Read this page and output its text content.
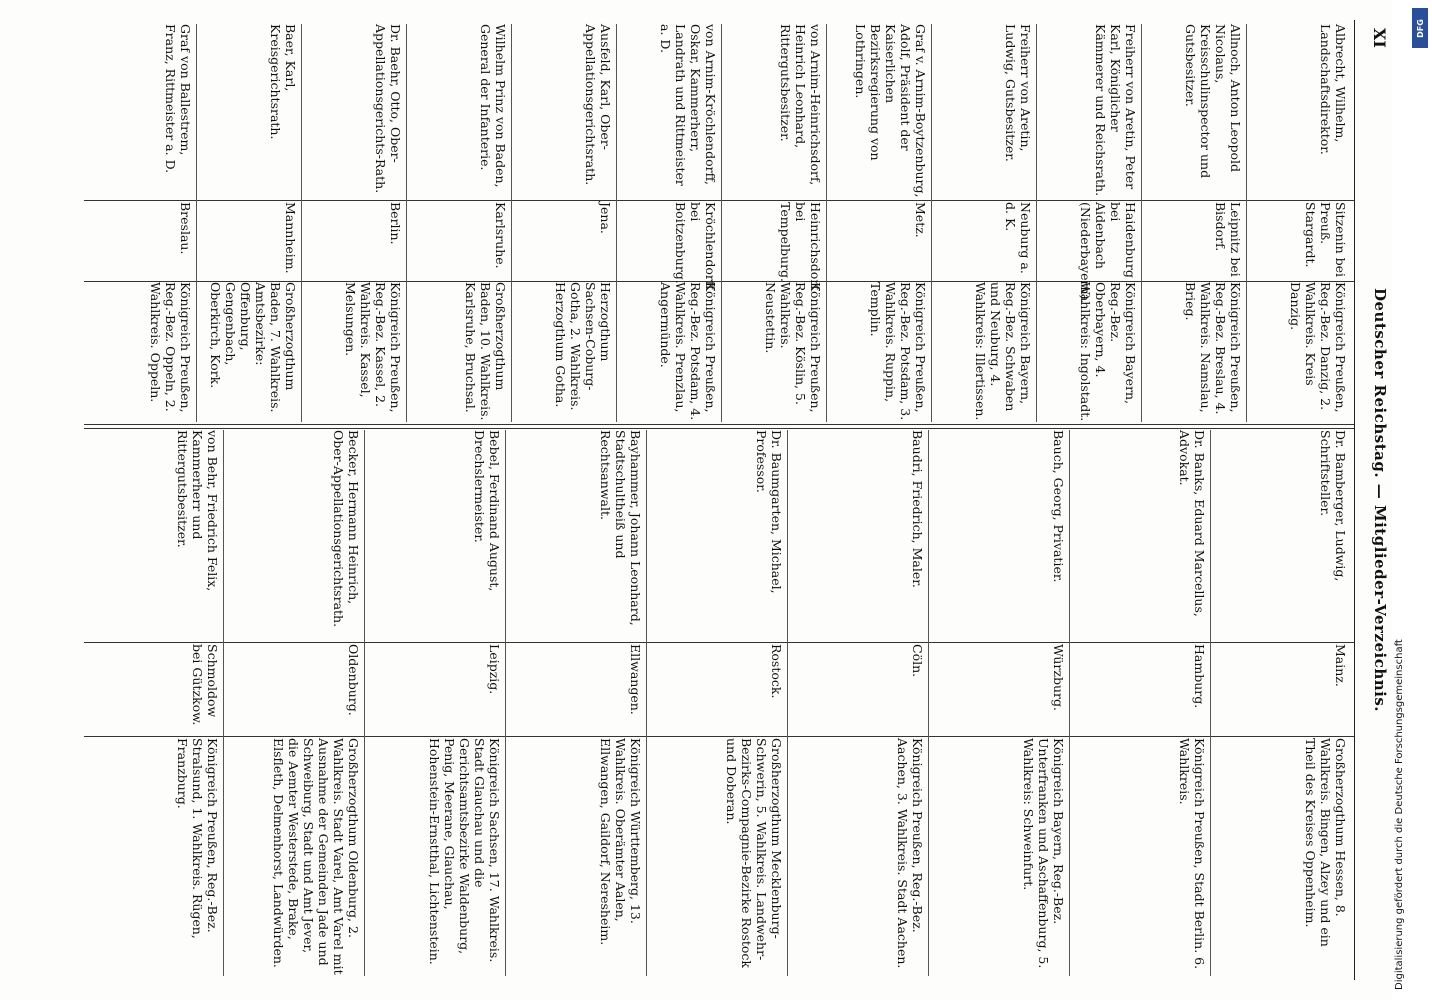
XI
Deutscher Reichstag. — Mitglieder-Verzeichnis.
Albrecht, Wilhelm, Landschaftsdirektor.
Sitzenin bei Preuß. Stargardt.
Königreich Preußen, Reg.-Bez. Danzig, 2. Wahlkreis. Kreis Danzig.
Allnoch, Anton Leopold Nicolaus, Kreisschulinspector und Gutsbesitzer.
Leipnitz bei Bisdorf.
Königreich Preußen, Reg.-Bez. Breslau, 4. Wahlkreis. Namslau, Brieg.
Freiherr von Aretin, Peter Karl, Königlicher Kämmerer und Reichsrath.
Haidenburg bei Aidenbach (Niederbayern).
Königreich Bayern, Reg.-Bez. Oberbayern, 4. Wahlkreis: Ingolstadt.
Freiherr von Aretin, Ludwig, Gutsbesitzer.
Neuburg a. d. K.
Königreich Bayern, Reg.-Bez. Schwaben und Neuburg, 4. Wahlkreis: Illertissen.
Graf v. Arnim-Boytzenburg, Adolf, Präsident der Kaiserlichen Bezirksregierung von Lothringen.
Metz.
Königreich Preußen, Reg.-Bez. Potsdam, 3. Wahlkreis. Ruppin, Templin.
von Arnim-Heinrichsdorf, Heinrich Leonhard, Rittergutsbesitzer.
Heinrichsdorf bei Tempelburg.
Königreich Preußen, Reg.-Bez. Köslin, 5. Wahlkreis. Neustettin.
von Arnim-Kröchlendorff, Oskar, Kammerherr, Landrath und Rittmeister a. D.
Kröchlendorff bei Boitzenburg.
Königreich Preußen, Reg.-Bez. Potsdam, 4. Wahlkreis. Prenzlau, Angermünde.
Ausfeld, Karl, Ober-Appellationsgerichtsrath.
Jena.
Herzogthum Sachsen-Coburg-Gotha, 2. Wahlkreis. Herzogthum Gotha.
Wilhelm Prinz von Baden, General der Infanterie.
Karlsruhe.
Großherzogthum Baden, 10. Wahlkreis. Karlsruhe, Bruchsal.
Dr. Baehr, Otto, Ober-Appellationsgerichts-Rath.
Berlin.
Königreich Preußen, Reg.-Bez. Kassel, 2. Wahlkreis. Kassel, Melsungen.
Baer, Karl, Kreisgerichtsrath.
Mannheim.
Großherzogthum Baden, 7. Wahlkreis. Amtsbezirke: Offenburg, Gengenbach, Oberkirch, Kork.
Graf von Ballestrem, Franz, Rittmeister a. D.
Breslau.
Königreich Preußen, Reg.-Bez. Oppeln, 2. Wahlkreis. Oppeln.
Dr. Bamberger, Ludwig, Schriftsteller.
Mainz.
Großherzogthum Hessen, 8. Wahlkreis. Bingen, Alzey und ein Theil des Kreises Oppenheim.
Dr. Banks, Eduard Marcellus, Advokat.
Hamburg.
Königreich Preußen, Stadt Berlin. 6. Wahlkreis.
Bauch, Georg, Privatier.
Würzburg.
Königreich Bayern, Reg.-Bez. Unterfranken und Aschaffenburg, 5. Wahlkreis: Schweinfurt.
Baudri, Friedrich, Maler.
Cöln.
Königreich Preußen, Reg.-Bez. Aachen, 3. Wahlkreis. Stadt Aachen.
Dr. Baumgarten, Michael, Professor.
Rostock.
Großherzogthum Mecklenburg-Schwerin, 5. Wahlkreis. Landwehr-Bezirks-Compagnie-Bezirke Rostock und Doberan.
Bayhammer, Johann Leonhard, Stadtschultheiß und Rechtsanwalt.
Ellwangen.
Königreich Württemberg, 13. Wahlkreis. Oberämter Aalen, Ellwangen, Gaildorf, Neresheim.
Bebel, Ferdinand August, Drechslermeister.
Leipzig.
Königreich Sachsen, 17. Wahlkreis. Stadt Glauchau und die Gerichtsamtsbezirke Waldenburg, Penig, Meerane, Glauchau, Hohenstein-Ernstthal, Lichtenstein.
Becker, Hermann Heinrich, Ober-Appellationsgerichtsrath.
Oldenburg.
Großherzogthum Oldenburg, 2. Wahlkreis. Stadt Varel, Amt Varel mit Ausnahme der Gemeinden Jade und Schweiburg, Stadt und Amt Jever, die Aemter Westerstede, Brake, Elsfleth, Delmenhorst, Landwürden.
von Behr, Friedrich Felix, Kammerherr und Rittergutsbesitzer.
Schmoldow bei Gützkow.
Königreich Preußen, Reg.-Bez. Stralsund, 1. Wahlkreis. Rügen, Franzburg.	Digitalisierung gefördert durch die Deutsche Forschungsgemeinschaft
DFG
